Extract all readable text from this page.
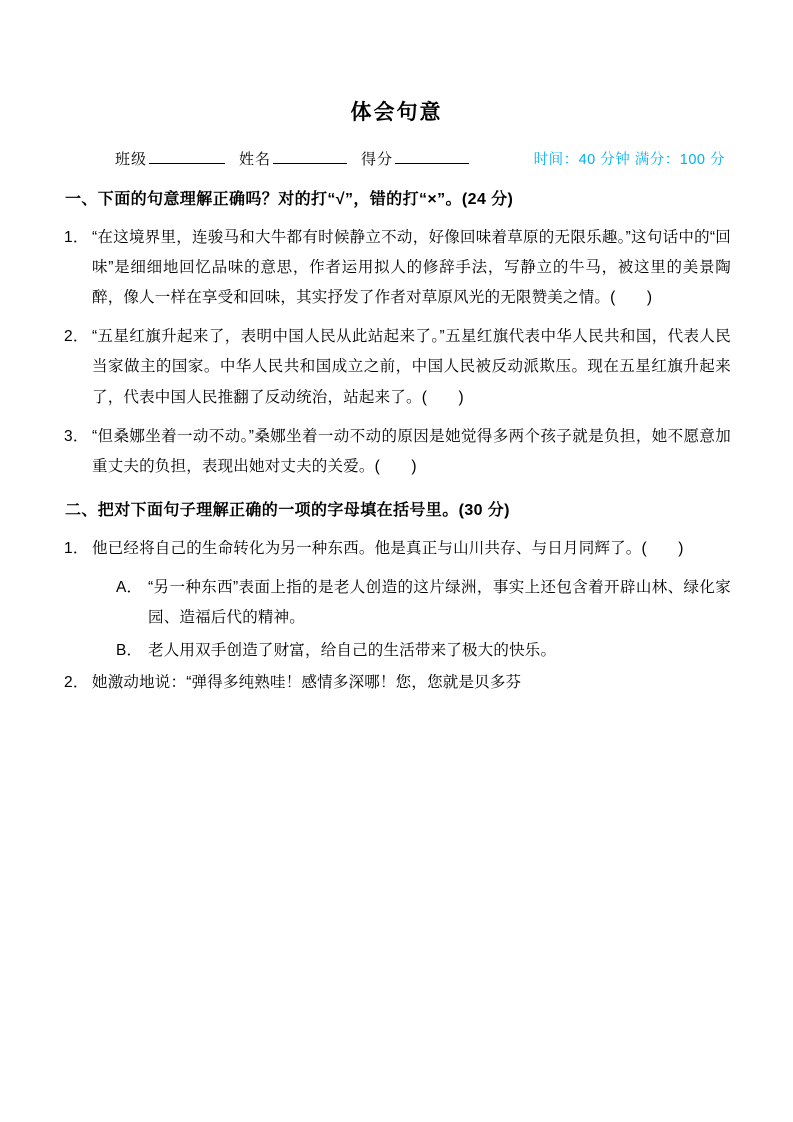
体会句意
班级	姓名	得分	时间：40 分钟 满分：100 分
一、下面的句意理解正确吗？对的打“√”，错的打“×”。(24 分)
1． “在这境界里，连骏马和大牛都有时候静立不动，好像回味着草原的无限乐趣。”这句话中的“回味”是细细地回忆品味的意思，作者运用拟人的修辞手法，写静立的牛马，被这里的美景陶醉，像人一样在享受和回味，其实抒发了作者对草原风光的无限赞美之情。(　　)
2． “五星红旗升起来了，表明中国人民从此站起来了。”五星红旗代表中华人民共和国，代表人民当家做主的国家。中华人民共和国成立之前，中国人民被反动派欺压。现在五星红旗升起来了，代表中国人民推翻了反动统治，站起来了。(　　)
3． “但桑娜坐着一动不动。”桑娜坐着一动不动的原因是她觉得多两个孩子就是负担，她不愿意加重丈夫的负担，表现出她对丈夫的关爱。(　　)
二、把对下面句子理解正确的一项的字母填在括号里。(30 分)
1． 他已经将自己的生命转化为另一种东西。他是真正与山川共存、与日月同辉了。(　　)
A． “另一种东西”表面上指的是老人创造的这片绿洲，事实上还包含着开辟山林、绿化家园、造福后代的精神。
B． 老人用双手创造了财富，给自己的生活带来了极大的快乐。
2． 她激动地说：“弹得多纯熟哇！感情多深哪！您，您就是贝多芬
